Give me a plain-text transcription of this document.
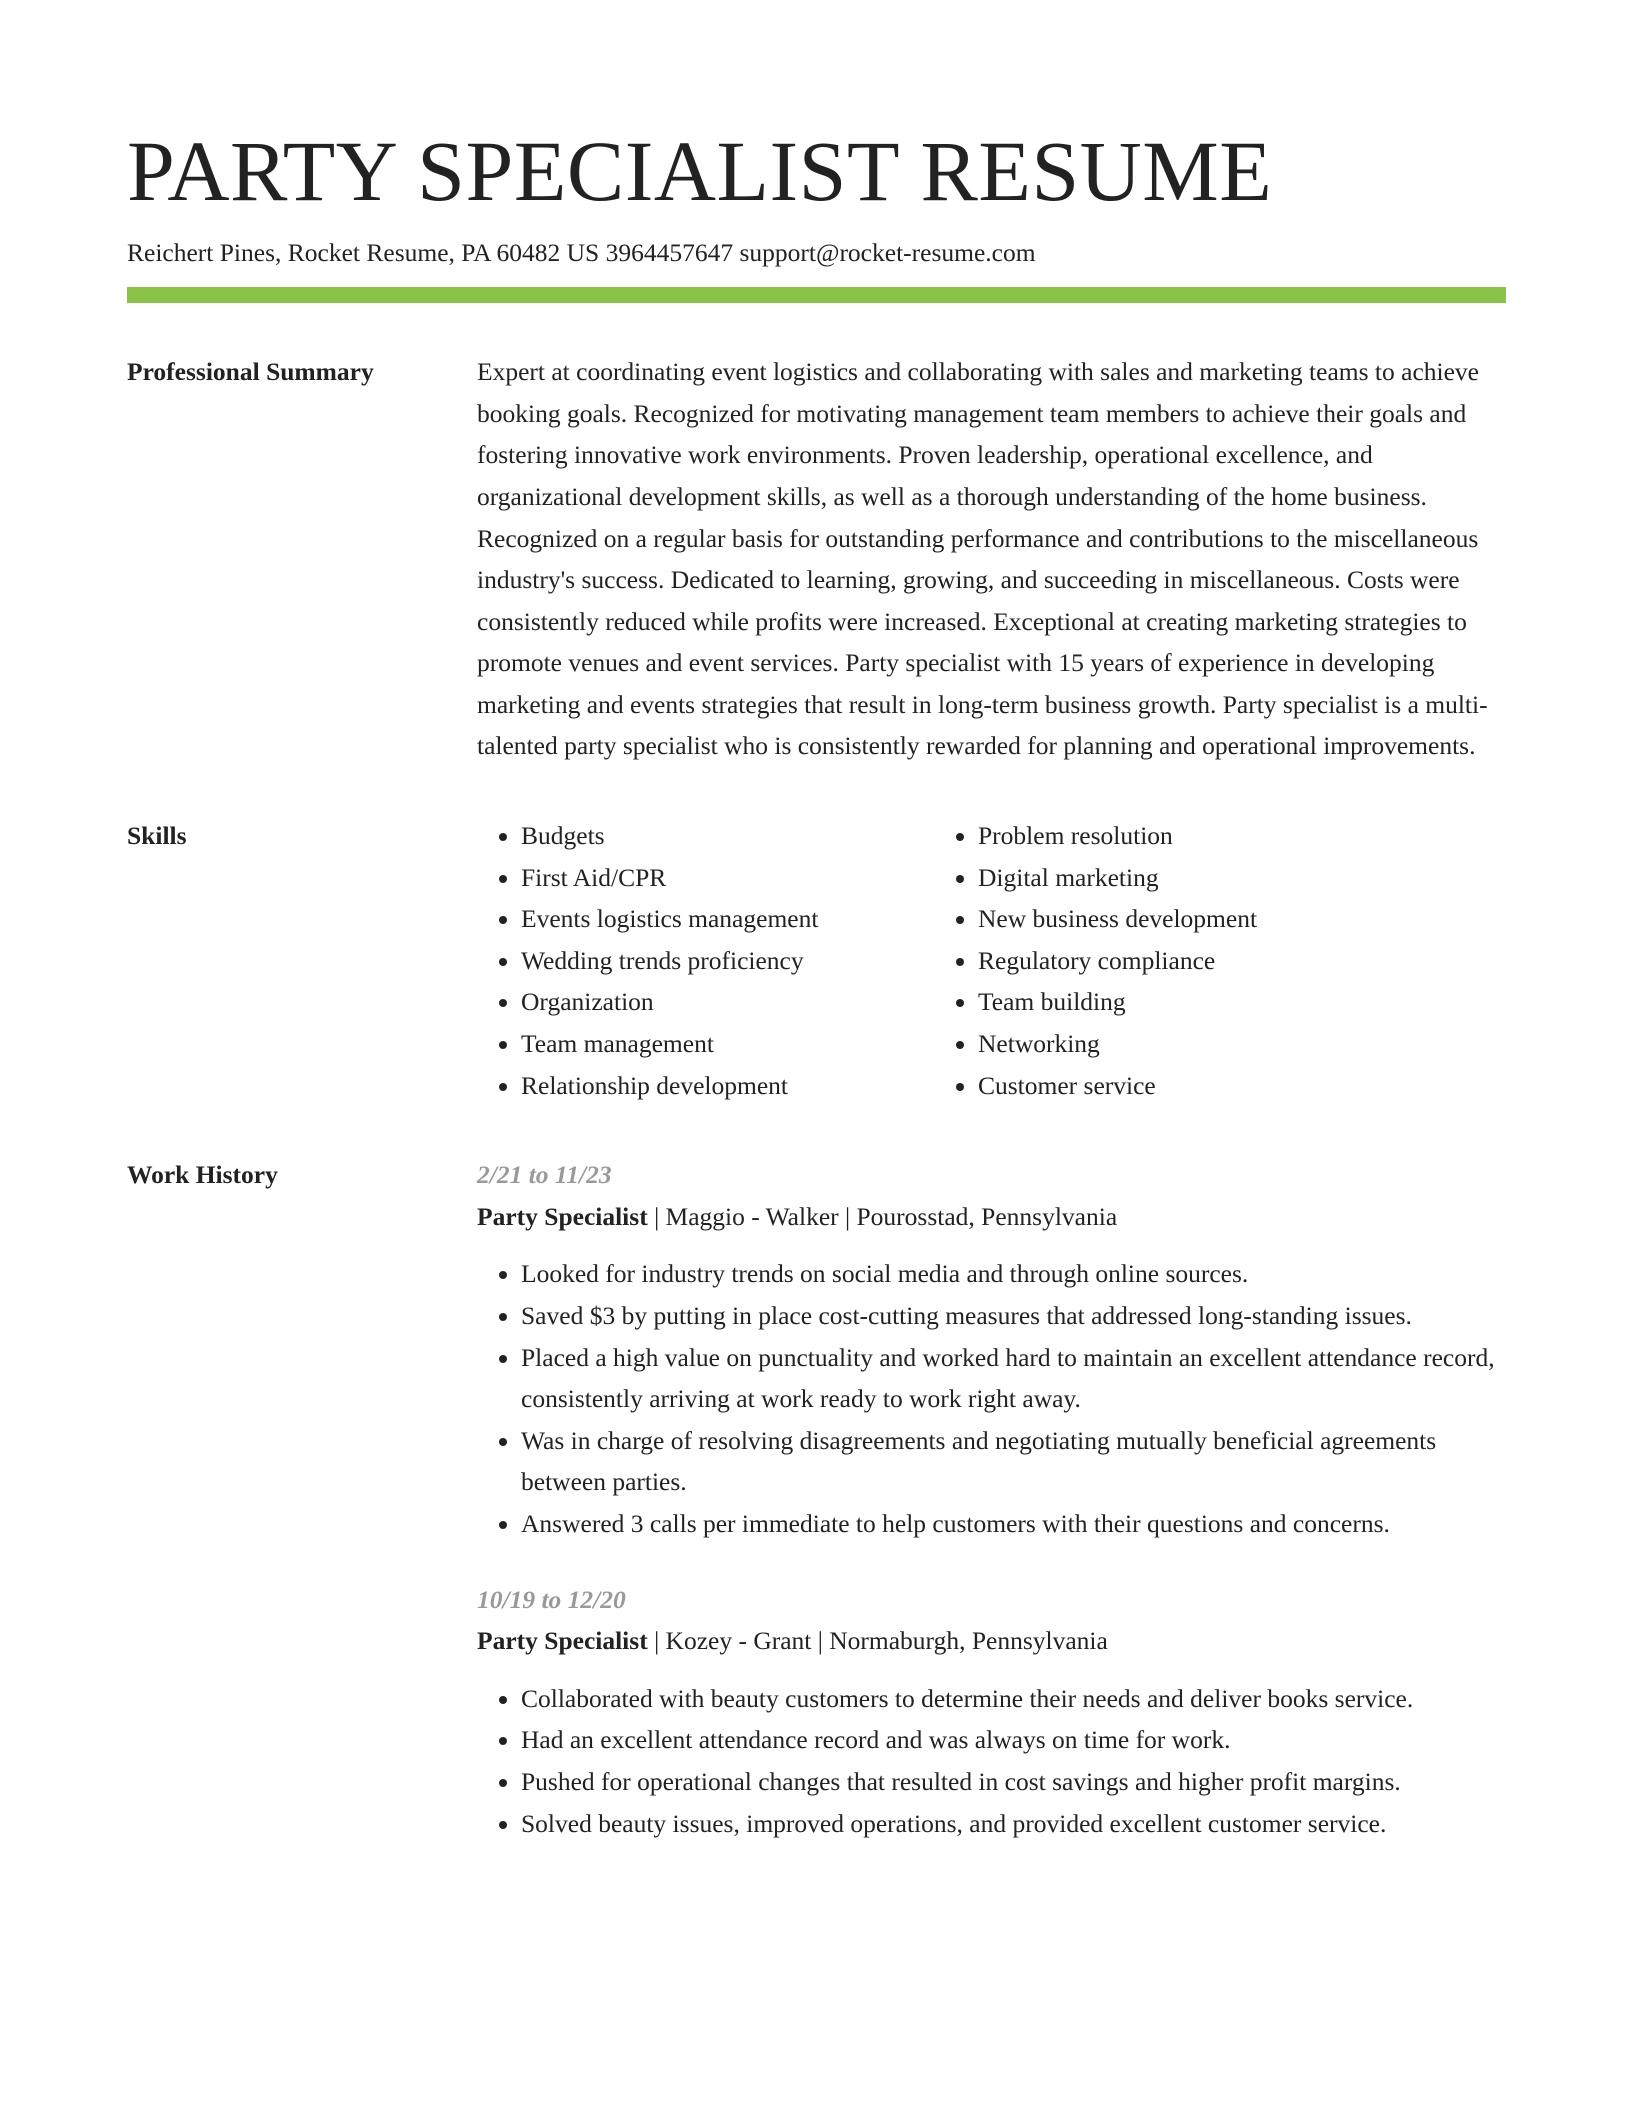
PARTY SPECIALIST RESUME
Reichert Pines, Rocket Resume, PA 60482 US 3964457647 support@rocket-resume.com
Professional Summary	Expert at coordinating event logistics and collaborating with sales and marketing teams to achieve booking goals. Recognized for motivating management team members to achieve their goals and fostering innovative work environments. Proven leadership, operational excellence, and organizational development skills, as well as a thorough understanding of the home business. Recognized on a regular basis for outstanding performance and contributions to the miscellaneous industry's success. Dedicated to learning, growing, and succeeding in miscellaneous. Costs were consistently reduced while profits were increased. Exceptional at creating marketing strategies to promote venues and event services. Party specialist with 15 years of experience in developing marketing and events strategies that result in long-term business growth. Party specialist is a multi-talented party specialist who is consistently rewarded for planning and operational improvements.

Skills
•	Budgets
• First Aid/CPR
• Events logistics management
• Wedding trends proficiency
• Organization
• Team management
• Relationship development
• Problem resolution
• Digital marketing
• New business development
• Regulatory compliance
• Team building
• Networking
• Customer service
Work History	2/21 to 11/23
Party Specialist | Maggio - Walker | Pourosstad, Pennsylvania
• Looked for industry trends on social media and through online sources.
• Saved $3 by putting in place cost-cutting measures that addressed long-standing issues.
• Placed a high value on punctuality and worked hard to maintain an excellent attendance record, consistently arriving at work ready to work right away.
• Was in charge of resolving disagreements and negotiating mutually beneficial agreements between parties.
• Answered 3 calls per immediate to help customers with their questions and concerns.
10/19 to 12/20
Party Specialist | Kozey - Grant | Normaburgh, Pennsylvania
• Collaborated with beauty customers to determine their needs and deliver books service.
• Had an excellent attendance record and was always on time for work.
• Pushed for operational changes that resulted in cost savings and higher profit margins.
• Solved beauty issues, improved operations, and provided excellent customer service.
